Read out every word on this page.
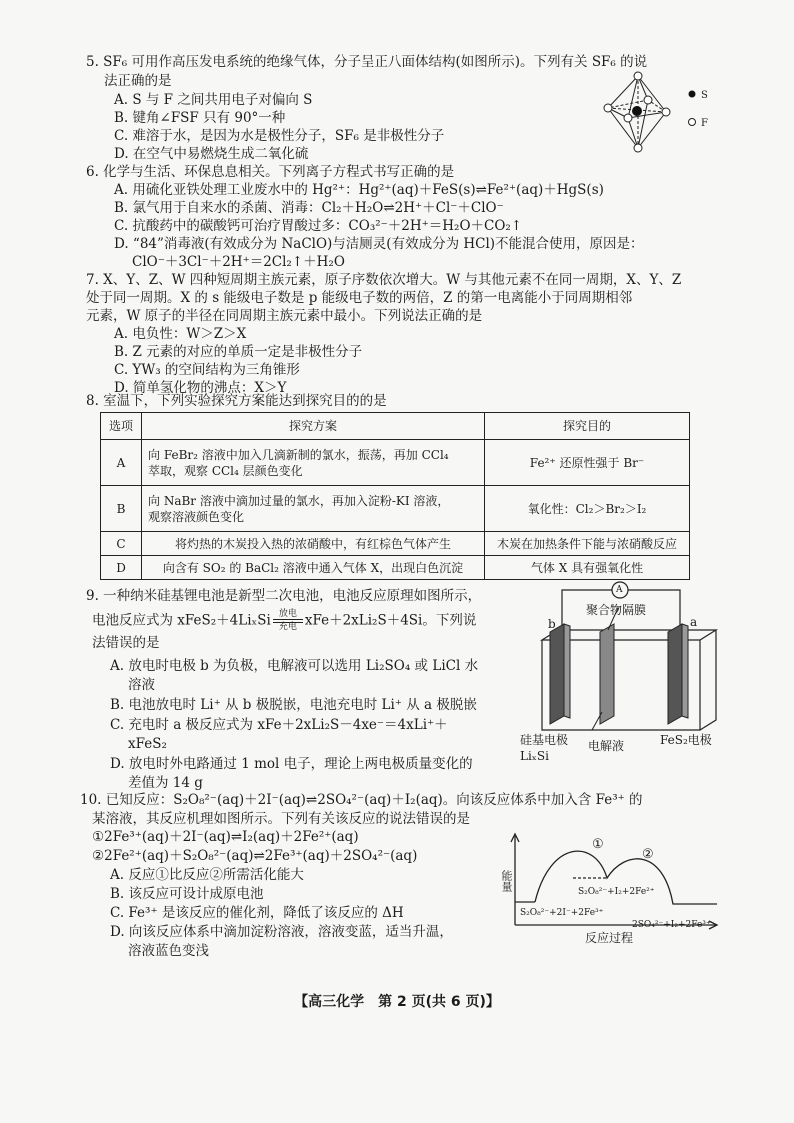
5. SF₆ 可用作高压发电系统的绝缘气体，分子呈正八面体结构(如图所示)。下列有关 SF₆ 的说
法正确的是
A. S 与 F 之间共用电子对偏向 S
B. 键角∠FSF 只有 90°一种
C. 难溶于水，是因为水是极性分子，SF₆ 是非极性分子
D. 在空气中易燃烧生成二氧化硫
S
F
6. 化学与生活、环保息息相关。下列离子方程式书写正确的是
A. 用硫化亚铁处理工业废水中的 Hg²⁺：Hg²⁺(aq)＋FeS(s)⇌Fe²⁺(aq)＋HgS(s)
B. 氯气用于自来水的杀菌、消毒：Cl₂＋H₂O⇌2H⁺＋Cl⁻＋ClO⁻
C. 抗酸药中的碳酸钙可治疗胃酸过多：CO₃²⁻＋2H⁺＝H₂O＋CO₂↑
D. “84”消毒液(有效成分为 NaClO)与洁厕灵(有效成分为 HCl)不能混合使用，原因是：
ClO⁻＋3Cl⁻＋2H⁺＝2Cl₂↑＋H₂O
7. X、Y、Z、W 四种短周期主族元素，原子序数依次增大。W 与其他元素不在同一周期，X、Y、Z
处于同一周期。X 的 s 能级电子数是 p 能级电子数的两倍，Z 的第一电离能小于同周期相邻
元素，W 原子的半径在同周期主族元素中最小。下列说法正确的是
A. 电负性：W＞Z＞X
B. Z 元素的对应的单质一定是非极性分子
C. YW₃ 的空间结构为三角锥形
D. 简单氢化物的沸点：X＞Y
8. 室温下，下列实验探究方案能达到探究目的的是
选项	探究方案	探究目的
A	向 FeBr₂ 溶液中加入几滴新制的氯水，振荡，再加 CCl₄
萃取，观察 CCl₄ 层颜色变化	Fe²⁺ 还原性强于 Br⁻
B	向 NaBr 溶液中滴加过量的氯水，再加入淀粉-KI 溶液，
观察溶液颜色变化	氧化性：Cl₂＞Br₂＞I₂
C	将灼热的木炭投入热的浓硝酸中，有红棕色气体产生	木炭在加热条件下能与浓硝酸反应
D	向含有 SO₂ 的 BaCl₂ 溶液中通入气体 X，出现白色沉淀	气体 X 具有强氧化性
9. 一种纳米硅基锂电池是新型二次电池，电池反应原理如图所示，
电池反应式为 xFeS₂＋4LiₓSi 放电
充电 xFe＋2xLi₂S＋4Si。下列说
法错误的是
A. 放电时电极 b 为负极，电解液可以选用 Li₂SO₄ 或 LiCl 水
溶液
B. 电池放电时 Li⁺ 从 b 极脱嵌，电池充电时 Li⁺ 从 a 极脱嵌
C. 充电时 a 极反应式为 xFe＋2xLi₂S－4xe⁻＝4xLi⁺＋
xFeS₂
D. 放电时外电路通过 1 mol 电子，理论上两电极质量变化的
差值为 14 g
A
聚合物隔膜
b	a
硅基电极
LiₓSi
电解液	FeS₂电极
10. 已知反应：S₂O₈²⁻(aq)＋2I⁻(aq)⇌2SO₄²⁻(aq)＋I₂(aq)。向该反应体系中加入含 Fe³⁺ 的
某溶液，其反应机理如图所示。下列有关该反应的说法错误的是
①2Fe³⁺(aq)＋2I⁻(aq)⇌I₂(aq)＋2Fe²⁺(aq)
②2Fe²⁺(aq)＋S₂O₈²⁻(aq)⇌2Fe³⁺(aq)＋2SO₄²⁻(aq)
A. 反应①比反应②所需活化能大
B. 该反应可设计成原电池
C. Fe³⁺ 是该反应的催化剂，降低了该反应的 ΔH
D. 向该反应体系中滴加淀粉溶液，溶液变蓝，适当升温，
溶液蓝色变浅
能量
反应过程
①
②
S₂O₈²⁻+2I⁻+2Fe³⁺
S₂O₈²⁻+I₂+2Fe²⁺
2SO₄²⁻+I₂+2Fe³⁺
【高三化学　第 2 页(共 6 页)】
